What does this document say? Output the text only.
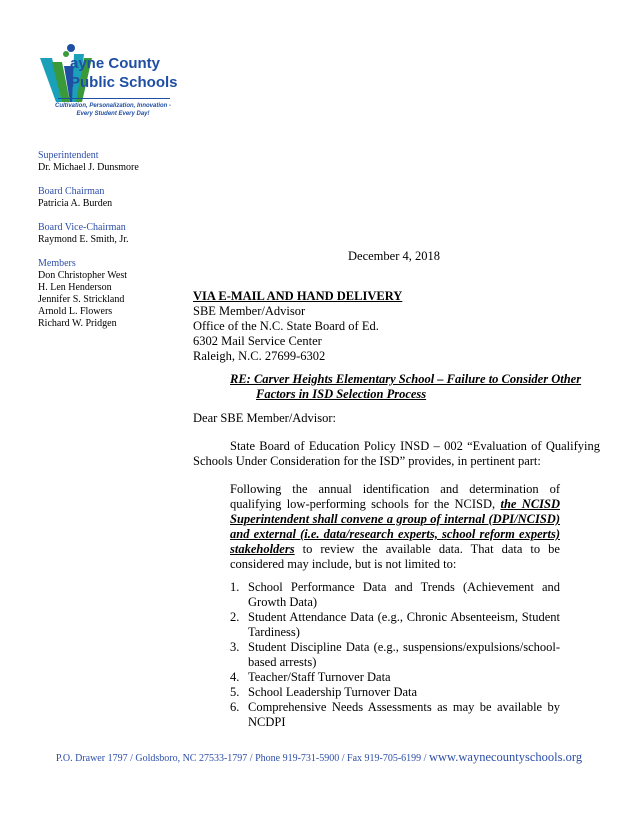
ayne County
Public Schools
Cultivation, Personalization, Innovation -
Every Student Every Day!
Superintendent
Dr. Michael J. Dunsmore
Board Chairman
Patricia A. Burden
Board Vice-Chairman
Raymond E. Smith, Jr.
Members
Don Christopher West
H. Len Henderson
Jennifer S. Strickland
Arnold L. Flowers
Richard W. Pridgen
December 4, 2018
VIA E-MAIL AND HAND DELIVERY
SBE Member/Advisor
Office of the N.C. State Board of Ed.
6302 Mail Service Center
Raleigh, N.C. 27699-6302
RE: Carver Heights Elementary School – Failure to Consider Other
Factors in ISD Selection Process
Dear SBE Member/Advisor:
State Board of Education Policy INSD – 002 “Evaluation of Qualifying Schools Under Consideration for the ISD” provides, in pertinent part:
Following the annual identification and determination of qualifying low-performing schools for the NCISD, the NCISD Superintendent shall convene a group of internal (DPI/NCISD) and external (i.e. data/research experts, school reform experts) stakeholders to review the available data. That data to be considered may include, but is not limited to:
1. School Performance Data and Trends (Achievement and Growth Data)
2. Student Attendance Data (e.g., Chronic Absenteeism, Student Tardiness)
3. Student Discipline Data (e.g., suspensions/expulsions/school-based arrests)
4. Teacher/Staff Turnover Data
5. School Leadership Turnover Data
6. Comprehensive Needs Assessments as may be available by NCDPI
P.O. Drawer 1797 / Goldsboro, NC 27533-1797 / Phone 919-731-5900 / Fax 919-705-6199 / www.waynecountyschools.org
